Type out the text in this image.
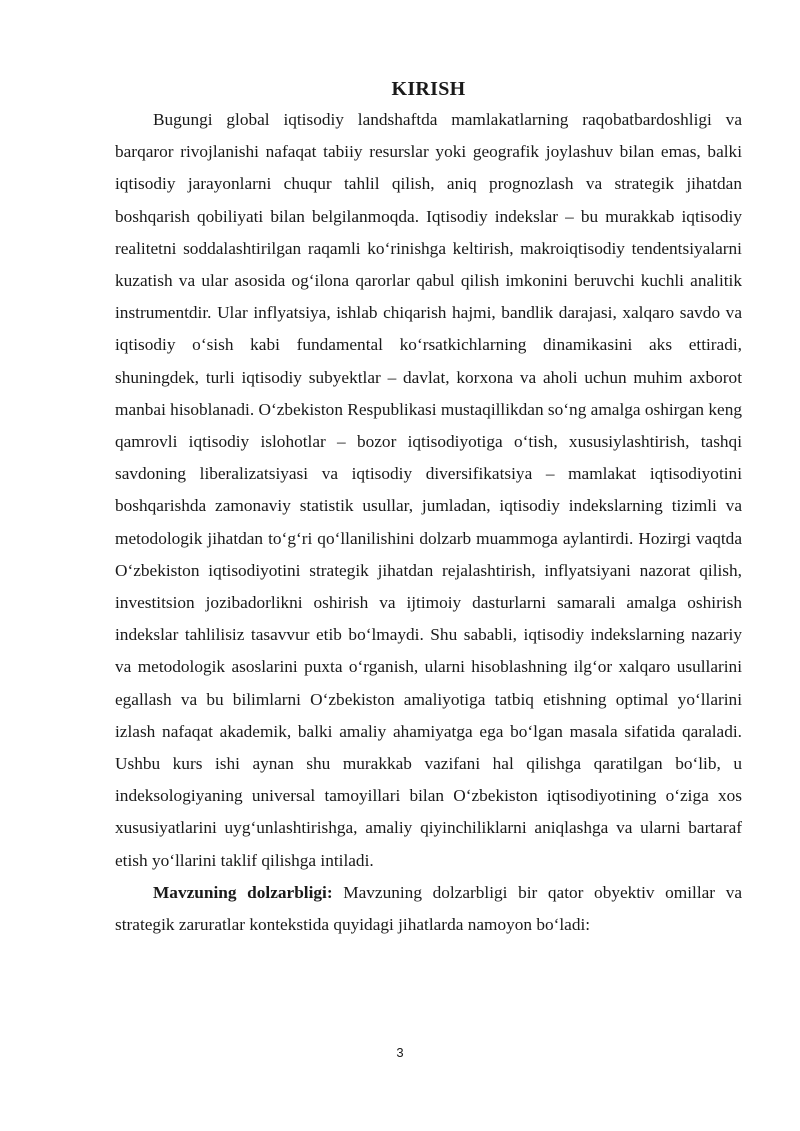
KIRISH

Bugungi global iqtisodiy landshaftda mamlakatlarning raqobatbardoshligi va barqaror rivojlanishi nafaqat tabiiy resurslar yoki geografik joylashuv bilan emas, balki iqtisodiy jarayonlarni chuqur tahlil qilish, aniq prognozlash va strategik jihatdan boshqarish qobiliyati bilan belgilanmoqda. Iqtisodiy indekslar – bu murakkab iqtisodiy realitetni soddalashtirilgan raqamli ko‘rinishga keltirish, makroiqtisodiy tendentsiyalarni kuzatish va ular asosida og‘ilona qarorlar qabul qilish imkonini beruvchi kuchli analitik instrumentdir. Ular inflyatsiya, ishlab chiqarish hajmi, bandlik darajasi, xalqaro savdo va iqtisodiy o‘sish kabi fundamental ko‘rsatkichlarning dinamikasini aks ettiradi, shuningdek, turli iqtisodiy subyektlar – davlat, korxona va aholi uchun muhim axborot manbai hisoblanadi. O‘zbekiston Respublikasi mustaqillikdan so‘ng amalga oshirgan keng qamrovli iqtisodiy islohotlar – bozor iqtisodiyotiga o‘tish, xususiylashtirish, tashqi savdoning liberalizatsiyasi va iqtisodiy diversifikatsiya – mamlakat iqtisodiyotini boshqarishda zamonaviy statistik usullar, jumladan, iqtisodiy indekslarning tizimli va metodologik jihatdan to‘g‘ri qo‘llanilishini dolzarb muammoga aylantirdi. Hozirgi vaqtda O‘zbekiston iqtisodiyotini strategik jihatdan rejalashtirish, inflyatsiyani nazorat qilish, investitsion jozibadorlikni oshirish va ijtimoiy dasturlarni samarali amalga oshirish indekslar tahlilisiz tasavvur etib bo‘lmaydi. Shu sababli, iqtisodiy indekslarning nazariy va metodologik asoslarini puxta o‘rganish, ularni hisoblashning ilg‘or xalqaro usullarini egallash va bu bilimlarni O‘zbekiston amaliyotiga tatbiq etishning optimal yo‘llarini izlash nafaqat akademik, balki amaliy ahamiyatga ega bo‘lgan masala sifatida qaraladi. Ushbu kurs ishi aynan shu murakkab vazifani hal qilishga qaratilgan bo‘lib, u indeksologiyaning universal tamoyillari bilan O‘zbekiston iqtisodiyotining o‘ziga xos xususiyatlarini uyg‘unlashtirishga, amaliy qiyinchiliklarni aniqlashga va ularni bartaraf etish yo‘llarini taklif qilishga intiladi.

Mavzuning dolzarbligi: Mavzuning dolzarbligi bir qator obyektiv omillar va strategik zaruratlar kontekstida quyidagi jihatlarda namoyon bo‘ladi:

3
